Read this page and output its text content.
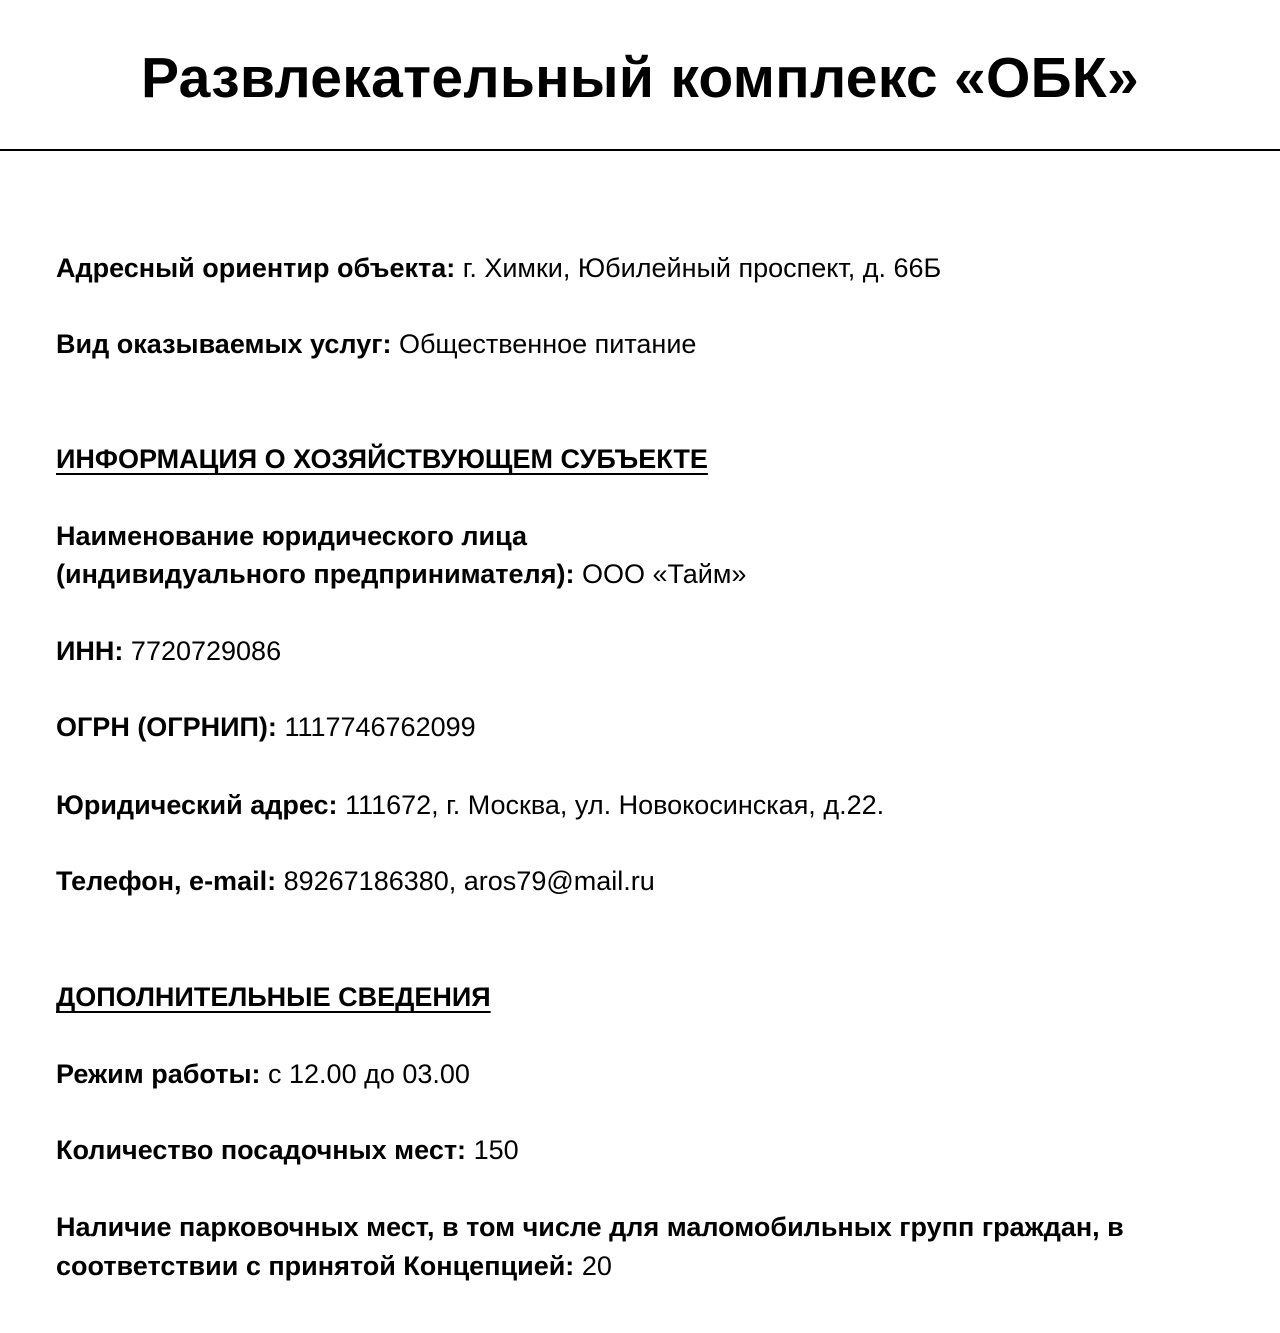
Развлекательный комплекс «ОБК»
Адресный ориентир объекта: г. Химки, Юбилейный проспект, д. 66Б
Вид оказываемых услуг: Общественное питание
ИНФОРМАЦИЯ О ХОЗЯЙСТВУЮЩЕМ СУБЪЕКТЕ
Наименование юридического лица
(индивидуального предпринимателя): ООО «Тайм»
ИНН: 7720729086
ОГРН (ОГРНИП): 1117746762099
Юридический адрес: 111672, г. Москва, ул. Новокосинская, д.22.
Телефон, e-mail: 89267186380, aros79@mail.ru
ДОПОЛНИТЕЛЬНЫЕ СВЕДЕНИЯ
Режим работы: с 12.00 до 03.00
Количество посадочных мест: 150
Наличие парковочных мест, в том числе для маломобильных групп граждан, в
соответствии с принятой Концепцией: 20
